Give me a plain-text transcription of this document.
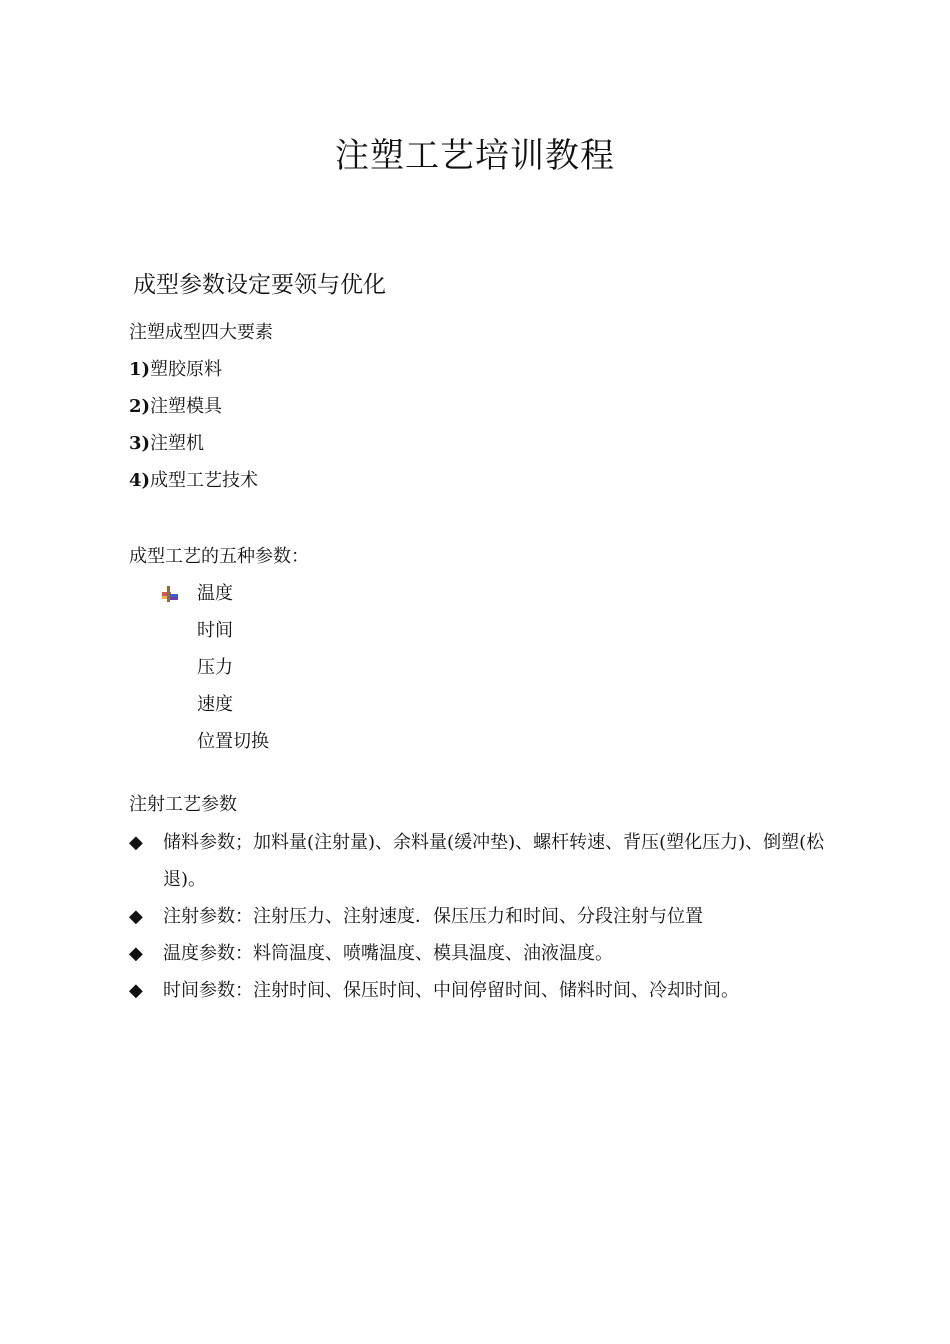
注塑工艺培训教程
成型参数设定要领与优化
注塑成型四大要素
1)塑胶原料
2)注塑模具
3)注塑机
4)成型工艺技术
成型工艺的五种参数：
温度
时间
压力
速度
位置切换
注射工艺参数
◆	储料参数；加料量(注射量)、余料量(缓冲垫)、螺杆转速、背压(塑化压力)、倒塑(松退)。
◆	注射参数：注射压力、注射速度．保压压力和时间、分段注射与位置
◆	温度参数：料筒温度、喷嘴温度、模具温度、油液温度。
◆	时间参数：注射时间、保压时间、中间停留时间、储料时间、冷却时间。
